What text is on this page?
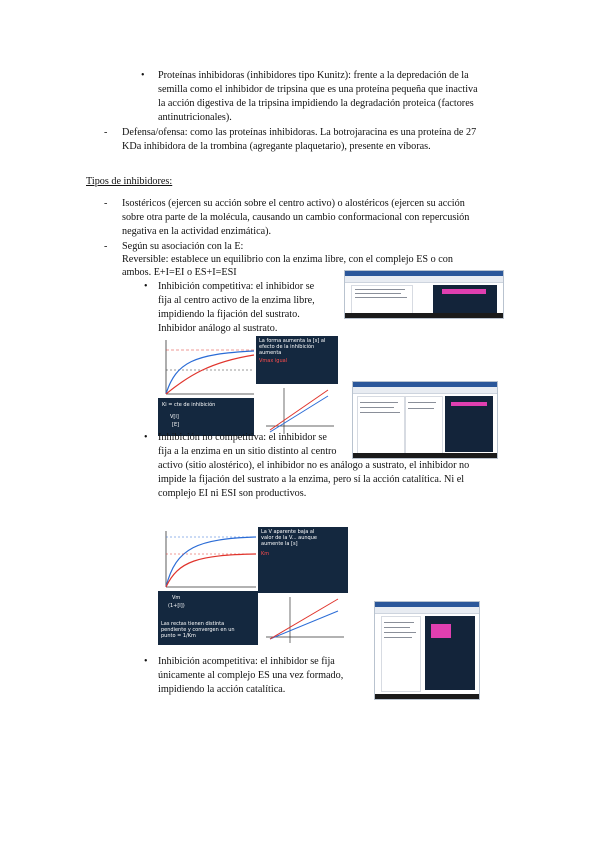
• Proteínas inhibidoras (inhibidores tipo Kunitz): frente a la depredación de la
semilla como el inhibidor de tripsina que es una proteína pequeña que inactiva
la acción digestiva de la tripsina impidiendo la degradación proteica (factores
antinutricionales).
- Defensa/ofensa: como las proteínas inhibidoras. La botrojaracina es una proteína de 27
KDa inhibidora de la trombina (agregante plaquetario), presente en víboras.
Tipos de inhibidores:
- Isostéricos (ejercen su acción sobre el centro activo) o alostéricos (ejercen su acción
sobre otra parte de la molécula, causando un cambio conformacional con repercusión
negativa en la actividad enzimática).
- Según su asociación con la E:
Reversible: establece un equilibrio con la enzima libre, con el complejo ES o con
ambos. E+I=EI o ES+I=ESI
• Inhibición competitiva: el inhibidor se
fija al centro activo de la enzima libre,
impidiendo la fijación del sustrato.
Inhibidor análogo al sustrato.
La forma aumenta la [s] al
efecto de la inhibición
aumenta
Vmax igual
Ki = cte de inhibición
V[I]
[E]
• Inhibición no competitiva: el inhibidor se
fija a la enzima en un sitio distinto al centro
activo (sitio alostérico), el inhibidor no es análogo a sustrato, el inhibidor no
impide la fijación del sustrato a la enzima, pero sí la acción catalítica. Ni el
complejo EI ni ESI son productivos.
La V aparente baja al
valor de la V... aunque
aumente la [s]
Km
Vm
(1+[I])
Las rectas tienen distinta
pendiente y convergen en un
punto = 1/Km
• Inhibición acompetitiva: el inhibidor se fija
únicamente al complejo ES una vez formado,
impidiendo la acción catalítica.
